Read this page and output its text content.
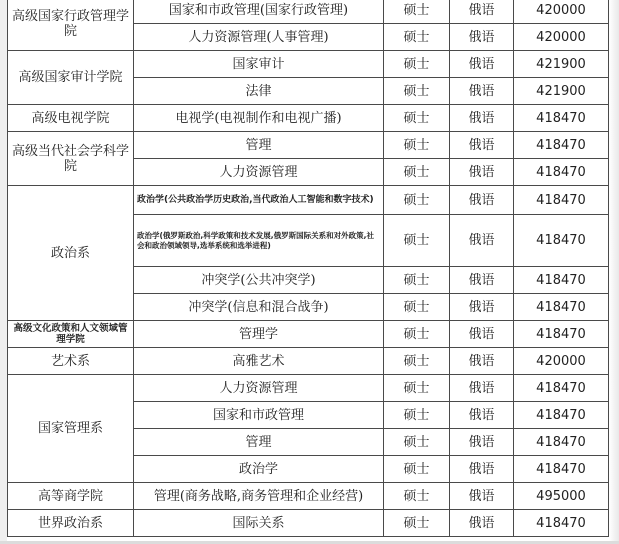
高级国家行政管理学院	国家和市政管理(国家行政管理)	硕士	俄语	420000
	人力资源管理(人事管理)	硕士	俄语	420000
高级国家审计学院	国家审计	硕士	俄语	421900
	法律	硕士	俄语	421900
高级电视学院	电视学(电视制作和电视广播)	硕士	俄语	418470
高级当代社会学科学院	管理	硕士	俄语	418470
	人力资源管理	硕士	俄语	418470
政治系	政治学(公共政治学历史政治,当代政治人工智能和数字技术)	硕士	俄语	418470
	政治学(俄罗斯政治,科学政策和技术发展,俄罗斯国际关系和对外政策,社会和政治领域领导,选举系统和选举进程)	硕士	俄语	418470
	冲突学(公共冲突学)	硕士	俄语	418470
	冲突学(信息和混合战争)	硕士	俄语	418470
高级文化政策和人文领域管理学院	管理学	硕士	俄语	418470
艺术系	高雅艺术	硕士	俄语	420000
国家管理系	人力资源管理	硕士	俄语	418470
	国家和市政管理	硕士	俄语	418470
	管理	硕士	俄语	418470
	政治学	硕士	俄语	418470
高等商学院	管理(商务战略,商务管理和企业经营)	硕士	俄语	495000
世界政治系	国际关系	硕士	俄语	418470
